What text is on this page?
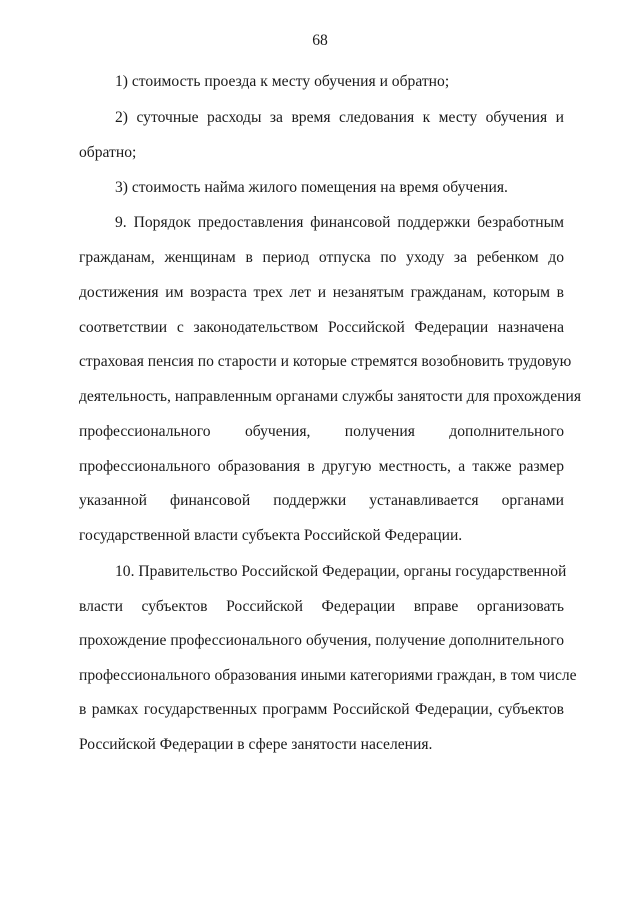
68
1) стоимость проезда к месту обучения и обратно;
2) суточные расходы за время следования к месту обучения и
обратно;
3) стоимость найма жилого помещения на время обучения.
9. Порядок предоставления финансовой поддержки безработным
гражданам, женщинам в период отпуска по уходу за ребенком до
достижения им возраста трех лет и незанятым гражданам, которым в
соответствии с законодательством Российской Федерации назначена
страховая пенсия по старости и которые стремятся возобновить трудовую
деятельность, направленным органами службы занятости для прохождения
профессионального обучения, получения дополнительного
профессионального образования в другую местность, а также размер
указанной финансовой поддержки устанавливается органами
государственной власти субъекта Российской Федерации.
10. Правительство Российской Федерации, органы государственной
власти субъектов Российской Федерации вправе организовать
прохождение профессионального обучения, получение дополнительного
профессионального образования иными категориями граждан, в том числе
в рамках государственных программ Российской Федерации, субъектов
Российской Федерации в сфере занятости населения.
